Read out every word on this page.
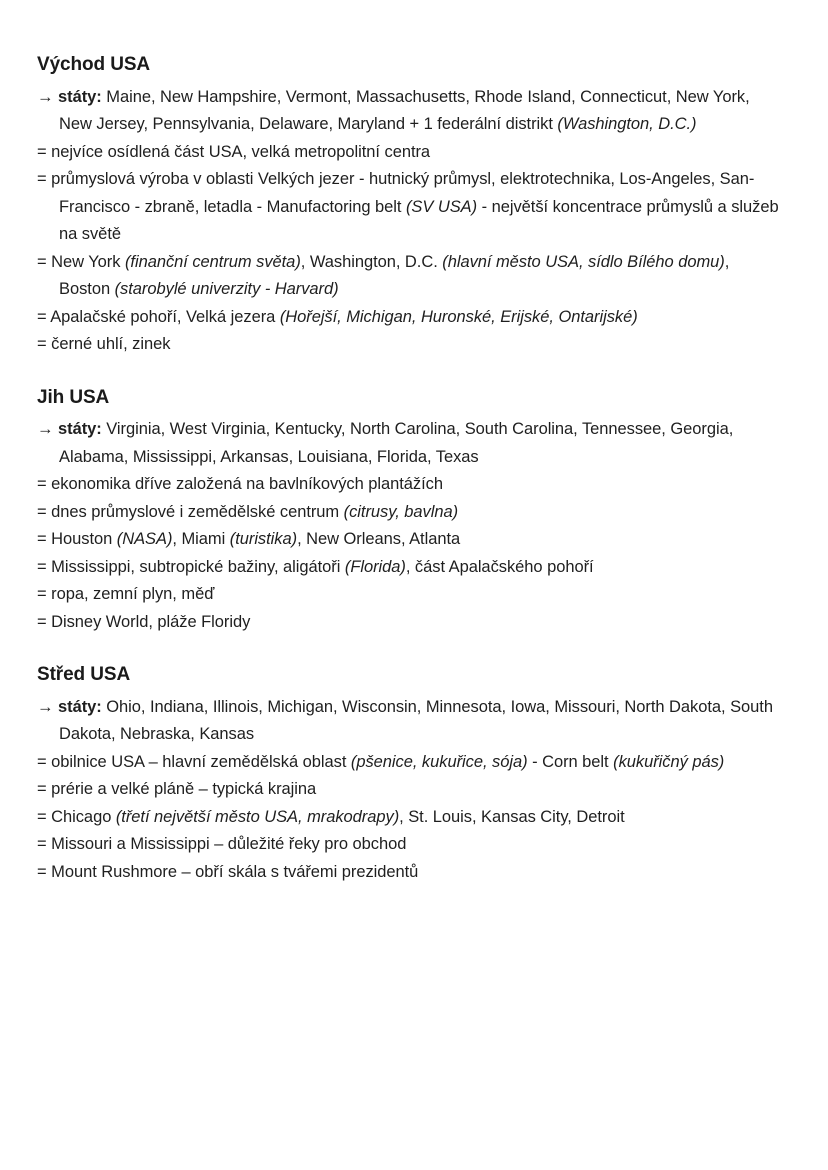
Východ USA
→ státy: Maine, New Hampshire, Vermont, Massachusetts, Rhode Island, Connecticut, New York, New Jersey, Pennsylvania, Delaware, Maryland + 1 federální distrikt (Washington, D.C.)
= nejvíce osídlená část USA, velká metropolitní centra
= průmyslová výroba v oblasti Velkých jezer - hutnický průmysl, elektrotechnika, Los-Angeles, San-Francisco - zbraně, letadla - Manufactoring belt (SV USA) - největší koncentrace průmyslů a služeb na světě
= New York (finanční centrum světa), Washington, D.C. (hlavní město USA, sídlo Bílého domu), Boston (starobylé univerzity - Harvard)
= Apalačské pohoří, Velká jezera (Hořejší, Michigan, Huronské, Erijské, Ontarijské)
= černé uhlí, zinek
Jih USA
→ státy: Virginia, West Virginia, Kentucky, North Carolina, South Carolina, Tennessee, Georgia, Alabama, Mississippi, Arkansas, Louisiana, Florida, Texas
= ekonomika dříve založená na bavlníkových plantážích
= dnes průmyslové i zemědělské centrum (citrusy, bavlna)
= Houston (NASA), Miami (turistika), New Orleans, Atlanta
= Mississippi, subtropické bažiny, aligátoři (Florida), část Apalačského pohoří
= ropa, zemní plyn, měď
= Disney World, pláže Floridy
Střed USA
→ státy: Ohio, Indiana, Illinois, Michigan, Wisconsin, Minnesota, Iowa, Missouri, North Dakota, South Dakota, Nebraska, Kansas
= obilnice USA – hlavní zemědělská oblast (pšenice, kukuřice, sója) - Corn belt (kukuřičný pás)
= prérie a velké pláně – typická krajina
= Chicago (třetí největší město USA, mrakodrapy), St. Louis, Kansas City, Detroit
= Missouri a Mississippi – důležité řeky pro obchod
= Mount Rushmore – obří skála s tvářemi prezidentů
